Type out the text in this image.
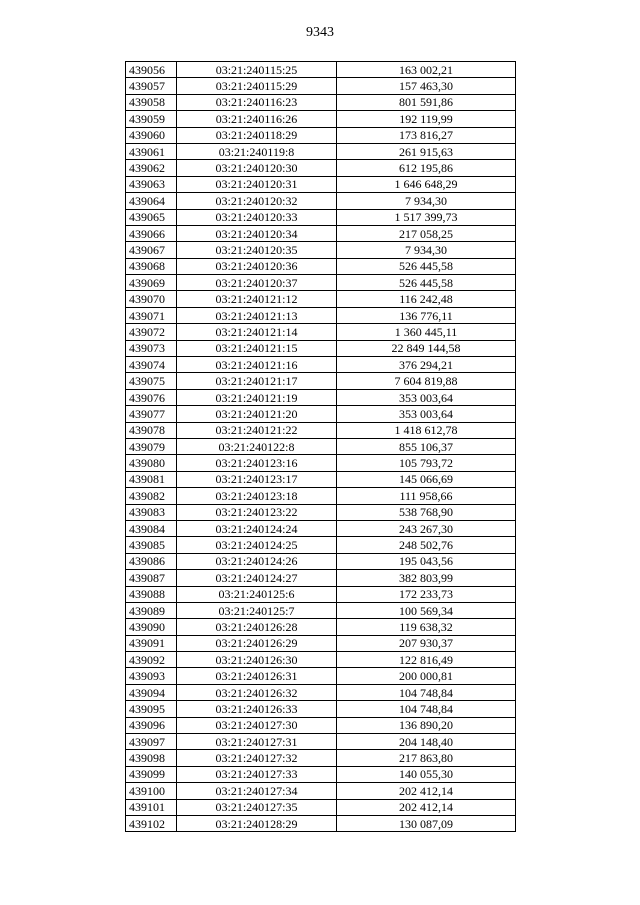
9343
439056	03:21:240115:25	163 002,21
439057	03:21:240115:29	157 463,30
439058	03:21:240116:23	801 591,86
439059	03:21:240116:26	192 119,99
439060	03:21:240118:29	173 816,27
439061	03:21:240119:8	261 915,63
439062	03:21:240120:30	612 195,86
439063	03:21:240120:31	1 646 648,29
439064	03:21:240120:32	7 934,30
439065	03:21:240120:33	1 517 399,73
439066	03:21:240120:34	217 058,25
439067	03:21:240120:35	7 934,30
439068	03:21:240120:36	526 445,58
439069	03:21:240120:37	526 445,58
439070	03:21:240121:12	116 242,48
439071	03:21:240121:13	136 776,11
439072	03:21:240121:14	1 360 445,11
439073	03:21:240121:15	22 849 144,58
439074	03:21:240121:16	376 294,21
439075	03:21:240121:17	7 604 819,88
439076	03:21:240121:19	353 003,64
439077	03:21:240121:20	353 003,64
439078	03:21:240121:22	1 418 612,78
439079	03:21:240122:8	855 106,37
439080	03:21:240123:16	105 793,72
439081	03:21:240123:17	145 066,69
439082	03:21:240123:18	111 958,66
439083	03:21:240123:22	538 768,90
439084	03:21:240124:24	243 267,30
439085	03:21:240124:25	248 502,76
439086	03:21:240124:26	195 043,56
439087	03:21:240124:27	382 803,99
439088	03:21:240125:6	172 233,73
439089	03:21:240125:7	100 569,34
439090	03:21:240126:28	119 638,32
439091	03:21:240126:29	207 930,37
439092	03:21:240126:30	122 816,49
439093	03:21:240126:31	200 000,81
439094	03:21:240126:32	104 748,84
439095	03:21:240126:33	104 748,84
439096	03:21:240127:30	136 890,20
439097	03:21:240127:31	204 148,40
439098	03:21:240127:32	217 863,80
439099	03:21:240127:33	140 055,30
439100	03:21:240127:34	202 412,14
439101	03:21:240127:35	202 412,14
439102	03:21:240128:29	130 087,09
